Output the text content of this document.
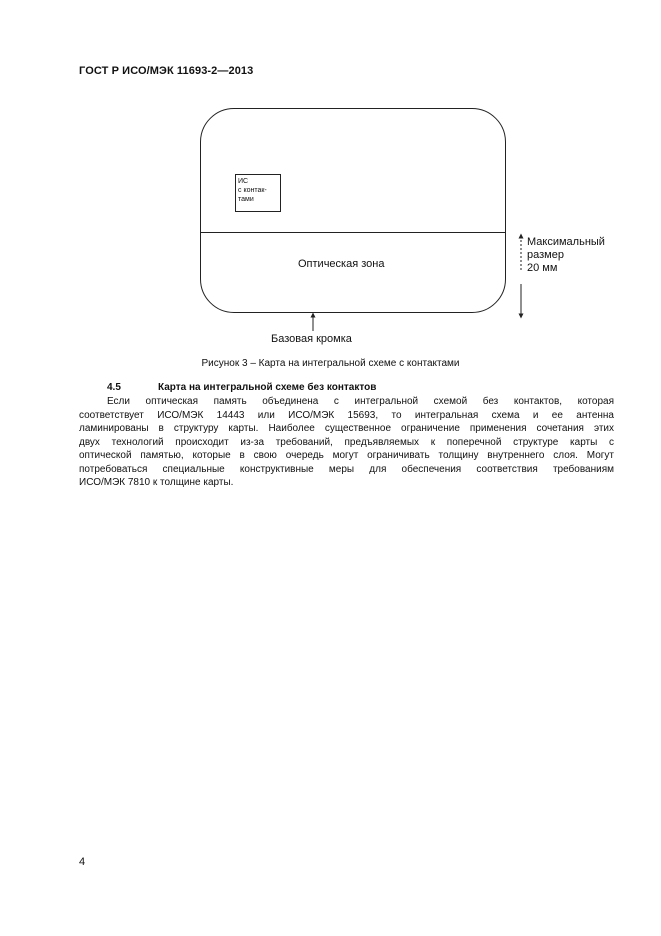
ГОСТ Р ИСО/МЭК 11693-2—2013
ИС
с контак-
тами
Оптическая зона
Максимальный
размер
20 мм
Базовая кромка
Рисунок 3 – Карта на интегральной схеме с контактами
4.5	Карта на интегральной схеме без контактов
Если оптическая память объединена с интегральной схемой без контактов, которая
соответствует ИСО/МЭК 14443 или ИСО/МЭК 15693, то интегральная схема и ее антенна
ламинированы в структуру карты. Наиболее существенное ограничение применения сочетания этих
двух технологий происходит из-за требований, предъявляемых к поперечной структуре карты с
оптической памятью, которые в свою очередь могут ограничивать толщину внутреннего слоя. Могут
потребоваться специальные конструктивные меры для обеспечения соответствия требованиям
ИСО/МЭК 7810 к толщине карты.
4
